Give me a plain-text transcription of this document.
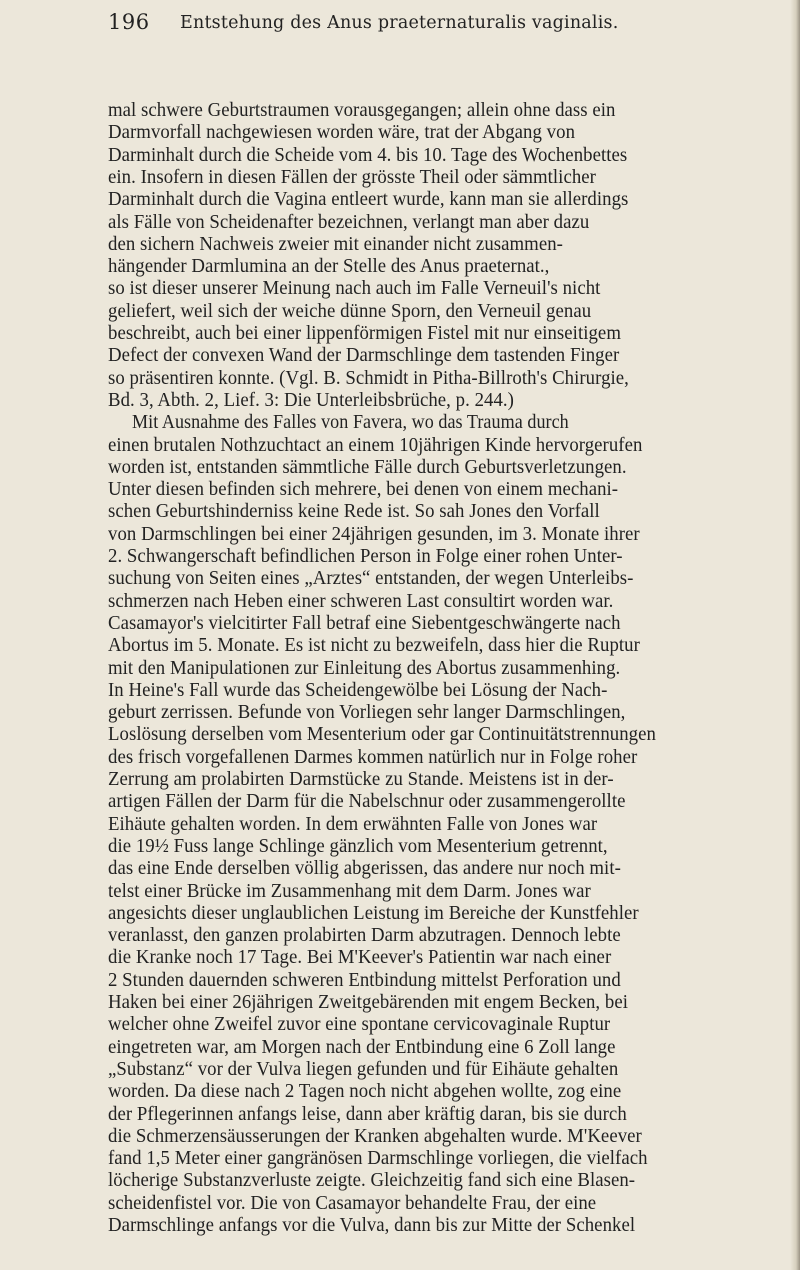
196 Entstehung des Anus praeternaturalis vaginalis.
mal schwere Geburtstraumen vorausgegangen; allein ohne dass ein
Darmvorfall nachgewiesen worden wäre, trat der Abgang von
Darminhalt durch die Scheide vom 4. bis 10. Tage des Wochenbettes
ein. Insofern in diesen Fällen der grösste Theil oder sämmtlicher
Darminhalt durch die Vagina entleert wurde, kann man sie allerdings
als Fälle von Scheidenafter bezeichnen, verlangt man aber dazu
den sichern Nachweis zweier mit einander nicht zusammen-
hängender Darmlumina an der Stelle des Anus praeternat.,
so ist dieser unserer Meinung nach auch im Falle Verneuil's nicht
geliefert, weil sich der weiche dünne Sporn, den Verneuil genau
beschreibt, auch bei einer lippenförmigen Fistel mit nur einseitigem
Defect der convexen Wand der Darmschlinge dem tastenden Finger
so präsentiren konnte. (Vgl. B. Schmidt in Pitha-Billroth's Chirurgie,
Bd. 3, Abth. 2, Lief. 3: Die Unterleibsbrüche, p. 244.)
Mit Ausnahme des Falles von Favera, wo das Trauma durch
einen brutalen Nothzuchtact an einem 10jährigen Kinde hervorgerufen
worden ist, entstanden sämmtliche Fälle durch Geburtsverletzungen.
Unter diesen befinden sich mehrere, bei denen von einem mechani-
schen Geburtshinderniss keine Rede ist. So sah Jones den Vorfall
von Darmschlingen bei einer 24jährigen gesunden, im 3. Monate ihrer
2. Schwangerschaft befindlichen Person in Folge einer rohen Unter-
suchung von Seiten eines „Arztes“ entstanden, der wegen Unterleibs-
schmerzen nach Heben einer schweren Last consultirt worden war.
Casamayor's vielcitirter Fall betraf eine Siebentgeschwängerte nach
Abortus im 5. Monate. Es ist nicht zu bezweifeln, dass hier die Ruptur
mit den Manipulationen zur Einleitung des Abortus zusammenhing.
In Heine's Fall wurde das Scheidengewölbe bei Lösung der Nach-
geburt zerrissen. Befunde von Vorliegen sehr langer Darmschlingen,
Loslösung derselben vom Mesenterium oder gar Continuitätstrennungen
des frisch vorgefallenen Darmes kommen natürlich nur in Folge roher
Zerrung am prolabirten Darmstücke zu Stande. Meistens ist in der-
artigen Fällen der Darm für die Nabelschnur oder zusammengerollte
Eihäute gehalten worden. In dem erwähnten Falle von Jones war
die 19½ Fuss lange Schlinge gänzlich vom Mesenterium getrennt,
das eine Ende derselben völlig abgerissen, das andere nur noch mit-
telst einer Brücke im Zusammenhang mit dem Darm. Jones war
angesichts dieser unglaublichen Leistung im Bereiche der Kunstfehler
veranlasst, den ganzen prolabirten Darm abzutragen. Dennoch lebte
die Kranke noch 17 Tage. Bei M'Keever's Patientin war nach einer
2 Stunden dauernden schweren Entbindung mittelst Perforation und
Haken bei einer 26jährigen Zweitgebärenden mit engem Becken, bei
welcher ohne Zweifel zuvor eine spontane cervicovaginale Ruptur
eingetreten war, am Morgen nach der Entbindung eine 6 Zoll lange
„Substanz“ vor der Vulva liegen gefunden und für Eihäute gehalten
worden. Da diese nach 2 Tagen noch nicht abgehen wollte, zog eine
der Pflegerinnen anfangs leise, dann aber kräftig daran, bis sie durch
die Schmerzensäusserungen der Kranken abgehalten wurde. M'Keever
fand 1,5 Meter einer gangränösen Darmschlinge vorliegen, die vielfach
löcherige Substanzverluste zeigte. Gleichzeitig fand sich eine Blasen-
scheidenfistel vor. Die von Casamayor behandelte Frau, der eine
Darmschlinge anfangs vor die Vulva, dann bis zur Mitte der Schenkel
